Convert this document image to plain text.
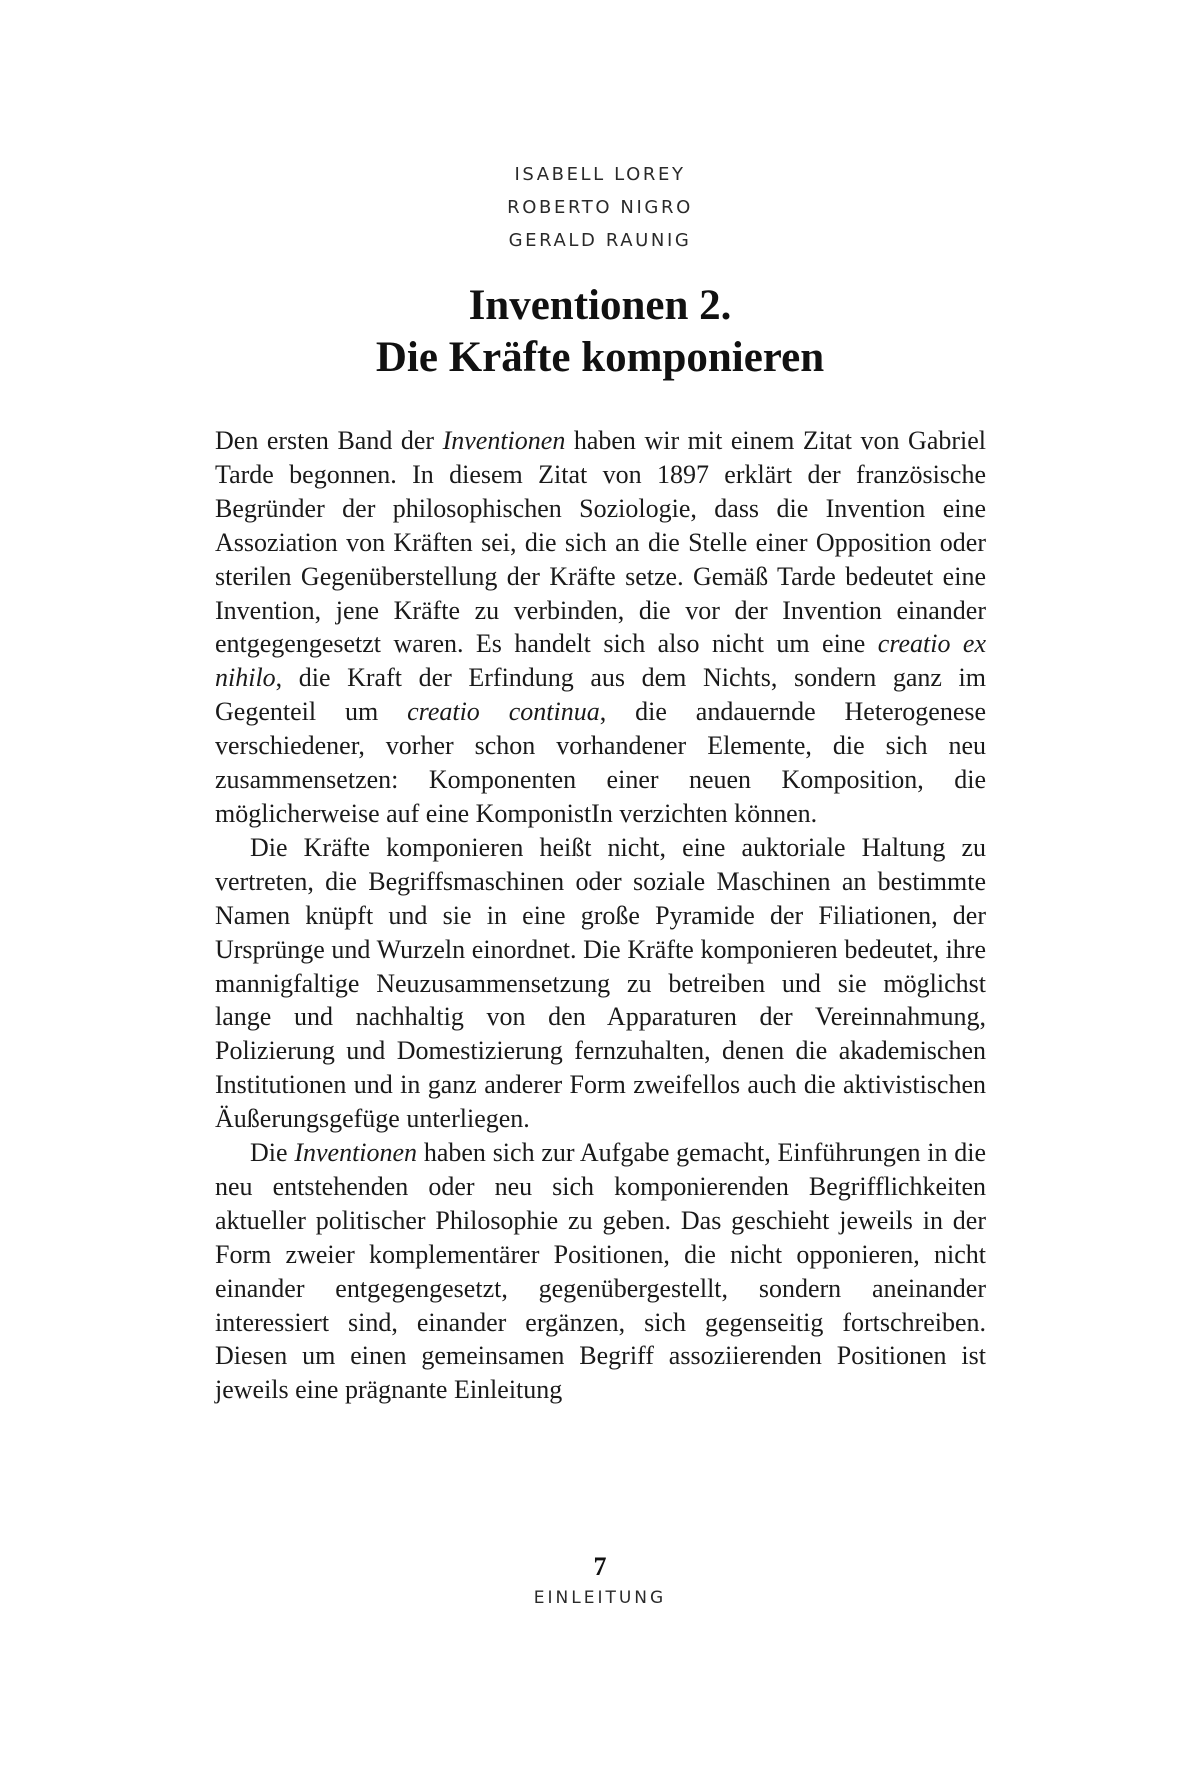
ISABELL LOREY
ROBERTO NIGRO
GERALD RAUNIG
Inventionen 2.
Die Kräfte komponieren

Den ersten Band der Inventionen haben wir mit einem Zitat von Gabriel Tarde begonnen. In diesem Zitat von 1897 erklärt der französische Begründer der philosophischen Soziologie, dass die Invention eine Assoziation von Kräften sei, die sich an die Stelle einer Opposition oder sterilen Gegenüberstellung der Kräfte setze. Gemäß Tarde bedeutet eine Invention, jene Kräfte zu verbinden, die vor der Invention einander entgegengesetzt waren. Es handelt sich also nicht um eine creatio ex nihilo, die Kraft der Erfindung aus dem Nichts, sondern ganz im Gegenteil um creatio continua, die andauernde Heterogenese verschiedener, vorher schon vorhandener Elemente, die sich neu zusammensetzen: Komponenten einer neuen Komposition, die möglicherweise auf eine KomponistIn verzichten können.

Die Kräfte komponieren heißt nicht, eine auktoriale Haltung zu vertreten, die Begriffsmaschinen oder soziale Maschinen an bestimmte Namen knüpft und sie in eine große Pyramide der Filiationen, der Ursprünge und Wurzeln einordnet. Die Kräfte komponieren bedeutet, ihre mannigfaltige Neuzusammensetzung zu betreiben und sie möglichst lange und nachhaltig von den Apparaturen der Vereinnahmung, Polizierung und Domestizierung fernzuhalten, denen die akademischen Institutionen und in ganz anderer Form zweifellos auch die aktivistischen Äußerungsgefüge unterliegen.

Die Inventionen haben sich zur Aufgabe gemacht, Einführungen in die neu entstehenden oder neu sich komponierenden Begrifflichkeiten aktueller politischer Philosophie zu geben. Das geschieht jeweils in der Form zweier komplementärer Positionen, die nicht opponieren, nicht einander entgegengesetzt, gegenübergestellt, sondern aneinander interessiert sind, einander ergänzen, sich gegenseitig fortschreiben. Diesen um einen gemeinsamen Begriff assoziierenden Positionen ist jeweils eine prägnante Einleitung

7
EINLEITUNG
